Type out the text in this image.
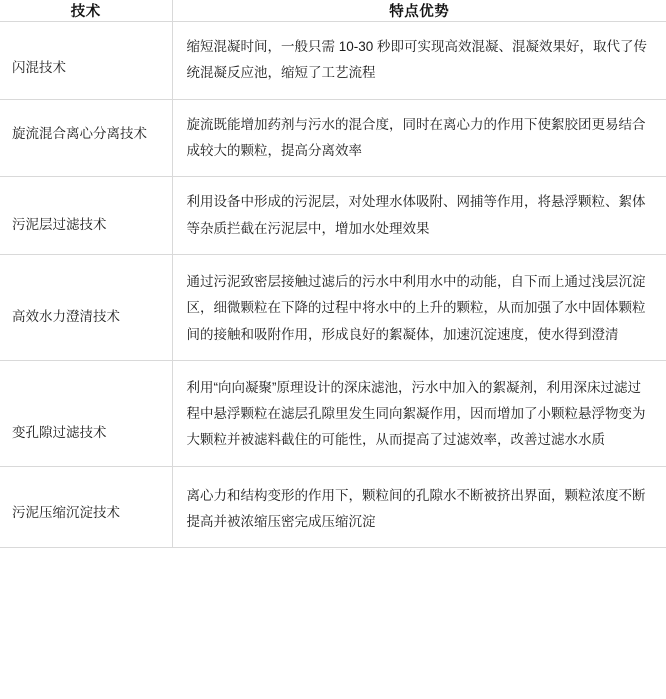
技术	特点优势
闪混技术	缩短混凝时间，一般只需 10-30 秒即可实现高效混凝、混凝效果好，取代了传

统混凝反应池，缩短了工艺流程

旋流混合离心分离技术	旋流既能增加药剂与污水的混合度，同时在离心力的作用下使絮胶团更易结合

成较大的颗粒，提高分离效率

污泥层过滤技术	利用设备中形成的污泥层，对处理水体吸附、网捕等作用，将悬浮颗粒、絮体

等杂质拦截在污泥层中，增加水处理效果

高效水力澄清技术	通过污泥致密层接触过滤后的污水中利用水中的动能，自下而上通过浅层沉淀

区，细微颗粒在下降的过程中将水中的上升的颗粒，从而加强了水中固体颗粒间的接触和吸附作用，形成良好的絮凝体，加速沉淀速度，使水得到澄清

变孔隙过滤技术	利用“向向凝聚”原理设计的深床滤池，污水中加入的絮凝剂，利用深床过滤过程中悬浮颗粒在滤层孔隙里发生同向絮凝作用，因而增加了小颗粒悬浮物变为大颗粒并被滤料截住的可能性，从而提高了过滤效率，改善过滤水水质

污泥压缩沉淀技术	离心力和结构变形的作用下，颗粒间的孔隙水不断被挤出界面，颗粒浓度不断

提高并被浓缩压密完成压缩沉淀
